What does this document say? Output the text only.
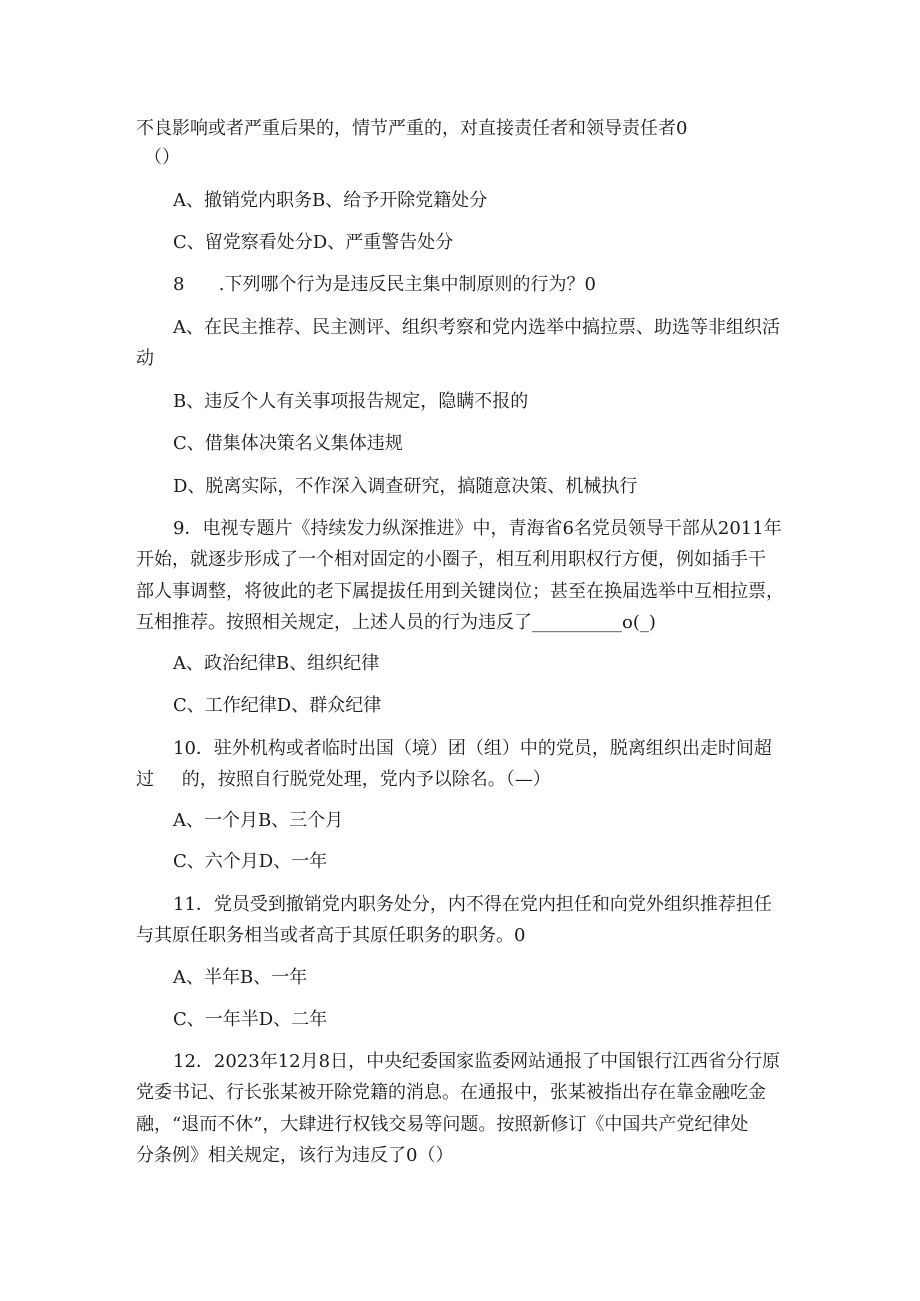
不良影响或者严重后果的，情节严重的，对直接责任者和领导责任者0

（）

A、撤销党内职务B、给予开除党籍处分

C、留党察看处分D、严重警告处分

8	.下列哪个行为是违反民主集中制原则的行为？0

A、在民主推荐、民主测评、组织考察和党内选举中搞拉票、助选等非组织活

动

B、违反个人有关事项报告规定，隐瞒不报的

C、借集体决策名义集体违规

D、脱离实际，不作深入调查研究，搞随意决策、机械执行

9．电视专题片《持续发力纵深推进》中，青海省6名党员领导干部从2011年

开始，就逐步形成了一个相对固定的小圈子，相互利用职权行方便，例如插手干

部人事调整，将彼此的老下属提拔任用到关键岗位；甚至在换届选举中互相拉票，

互相推荐。按照相关规定，上述人员的行为违反了__________o(_)

A、政治纪律B、组织纪律

C、工作纪律D、群众纪律

10．驻外机构或者临时出国（境）团（组）中的党员，脱离组织出走时间超

过	的，按照自行脱党处理，党内予以除名。（—）

A、一个月B、三个月

C、六个月D、一年

11．党员受到撤销党内职务处分，内不得在党内担任和向党外组织推荐担任

与其原任职务相当或者高于其原任职务的职务。0

A、半年B、一年

C、一年半D、二年

12．2023年12月8日，中央纪委国家监委网站通报了中国银行江西省分行原

党委书记、行长张某被开除党籍的消息。在通报中，张某被指出存在靠金融吃金

融，“退而不休”，大肆进行权钱交易等问题。按照新修订《中国共产党纪律处

分条例》相关规定，该行为违反了0（）
